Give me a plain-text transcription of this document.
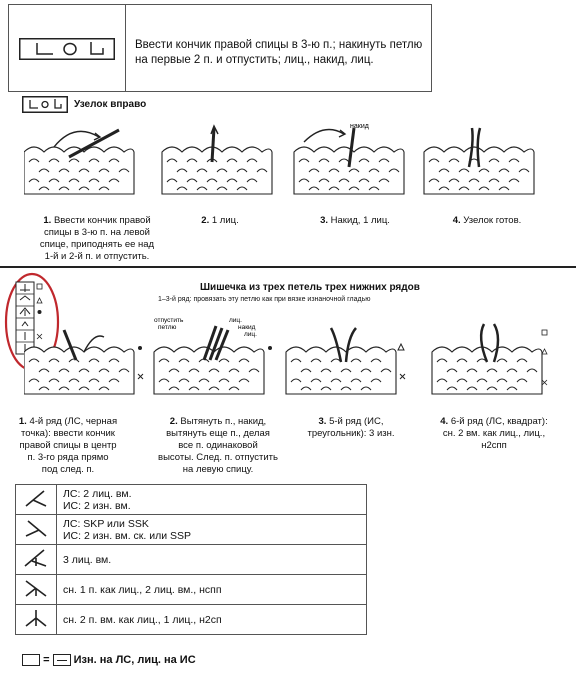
Ввести кончик правой спицы в 3-ю п.; накинуть петлю
на первые 2 п. и отпустить; лиц., накид, лиц.
Узелок вправо
накид
1. Ввести кончик правой
спицы в 3-ю п. на левой
спице, приподнять ее над
1-й и 2-й п. и отпустить.
2. 1 лиц.	3. Накид, 1 лиц.	4. Узелок готов.
Шишечка из трех петель трех нижних рядов
1–3-й ряд: провязать эту петлю как при вязке изнаночной гладью
отпустить
петлю
лиц.
накид
лиц.
1. 4-й ряд (ЛС, черная
точка): ввести кончик
правой спицы в центр
п. 3-го ряда прямо
под след. п.
2. Вытянуть п., накид,
вытянуть еще п., делая
все п. одинаковой
высоты. След. п. отпустить
на левую спицу.
3. 5-й ряд (ИС,
треугольник): 3 изн.
4. 6-й ряд (ЛС, квадрат):
сн. 2 вм. как лиц., лиц.,
н2спп

ЛС: 2 лиц. вм.
ИС: 2 изн. вм.

ЛС: SKP или SSK
ИС: 2 изн. вм. ск. или SSP

3 лиц. вм.

сн. 1 п. как лиц., 2 лиц. вм., нспп

сн. 2 п. вм. как лиц., 1 лиц., н2сп
= Изн. на ЛС, лиц. на ИС
